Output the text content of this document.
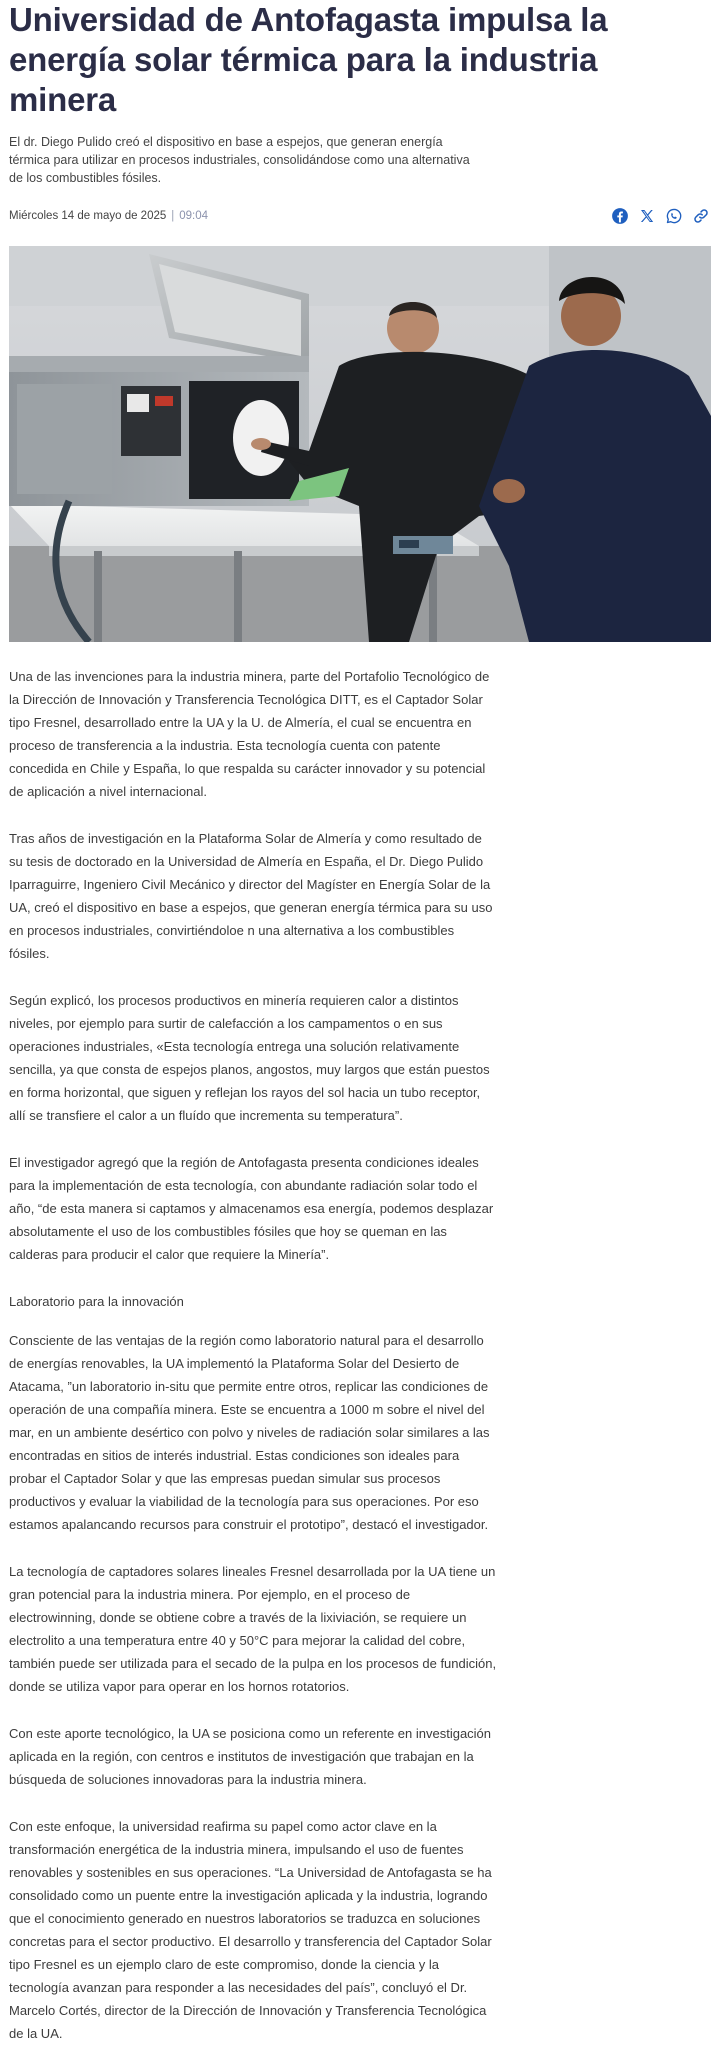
Universidad de Antofagasta impulsa la energía solar térmica para la industria minera

El dr. Diego Pulido creó el dispositivo en base a espejos, que generan energía térmica para utilizar en procesos industriales, consolidándose como una alternativa de los combustibles fósiles.

Miércoles 14 de mayo de 2025 | 09:04

Una de las invenciones para la industria minera, parte del Portafolio Tecnológico de la Dirección de Innovación y Transferencia Tecnológica DITT, es el Captador Solar tipo Fresnel, desarrollado entre la UA y la U. de Almería, el cual se encuentra en proceso de transferencia a la industria. Esta tecnología cuenta con patente concedida en Chile y España, lo que respalda su carácter innovador y su potencial de aplicación a nivel internacional.

Tras años de investigación en la Plataforma Solar de Almería y como resultado de su tesis de doctorado en la Universidad de Almería en España, el Dr. Diego Pulido Iparraguirre, Ingeniero Civil Mecánico y director del Magíster en Energía Solar de la UA, creó el dispositivo en base a espejos, que generan energía térmica para su uso en procesos industriales, convirtiéndoloe n una alternativa a los combustibles fósiles.

Según explicó, los procesos productivos en minería requieren calor a distintos niveles, por ejemplo para surtir de calefacción a los campamentos o en sus operaciones industriales, «Esta tecnología entrega una solución relativamente sencilla, ya que consta de espejos planos, angostos, muy largos que están puestos en forma horizontal, que siguen y reflejan los rayos del sol hacia un tubo receptor, allí se transfiere el calor a un fluído que incrementa su temperatura”.

El investigador agregó que la región de Antofagasta presenta condiciones ideales para la implementación de esta tecnología, con abundante radiación solar todo el año, “de esta manera si captamos y almacenamos esa energía, podemos desplazar absolutamente el uso de los combustibles fósiles que hoy se queman en las calderas para producir el calor que requiere la Minería”.

Laboratorio para la innovación

Consciente de las ventajas de la región como laboratorio natural para el desarrollo de energías renovables, la UA implementó la Plataforma Solar del Desierto de Atacama, ”un laboratorio in-situ que permite entre otros, replicar las condiciones de operación de una compañía minera. Este se encuentra a 1000 m sobre el nivel del mar, en un ambiente desértico con polvo y niveles de radiación solar similares a las encontradas en sitios de interés industrial. Estas condiciones son ideales para probar el Captador Solar y que las empresas puedan simular sus procesos productivos y evaluar la viabilidad de la tecnología para sus operaciones. Por eso estamos apalancando recursos para construir el prototipo”, destacó el investigador.

La tecnología de captadores solares lineales Fresnel desarrollada por la UA tiene un gran potencial para la industria minera. Por ejemplo, en el proceso de electrowinning, donde se obtiene cobre a través de la lixiviación, se requiere un electrolito a una temperatura entre 40 y 50°C para mejorar la calidad del cobre, también puede ser utilizada para el secado de la pulpa en los procesos de fundición, donde se utiliza vapor para operar en los hornos rotatorios.

Con este aporte tecnológico, la UA se posiciona como un referente en investigación aplicada en la región, con centros e institutos de investigación que trabajan en la búsqueda de soluciones innovadoras para la industria minera.

Con este enfoque, la universidad reafirma su papel como actor clave en la transformación energética de la industria minera, impulsando el uso de fuentes renovables y sostenibles en sus operaciones. “La Universidad de Antofagasta se ha consolidado como un puente entre la investigación aplicada y la industria, logrando que el conocimiento generado en nuestros laboratorios se traduzca en soluciones concretas para el sector productivo. El desarrollo y transferencia del Captador Solar tipo Fresnel es un ejemplo claro de este compromiso, donde la ciencia y la tecnología avanzan para responder a las necesidades del país”, concluyó el Dr. Marcelo Cortés, director de la Dirección de Innovación y Transferencia Tecnológica de la UA.
